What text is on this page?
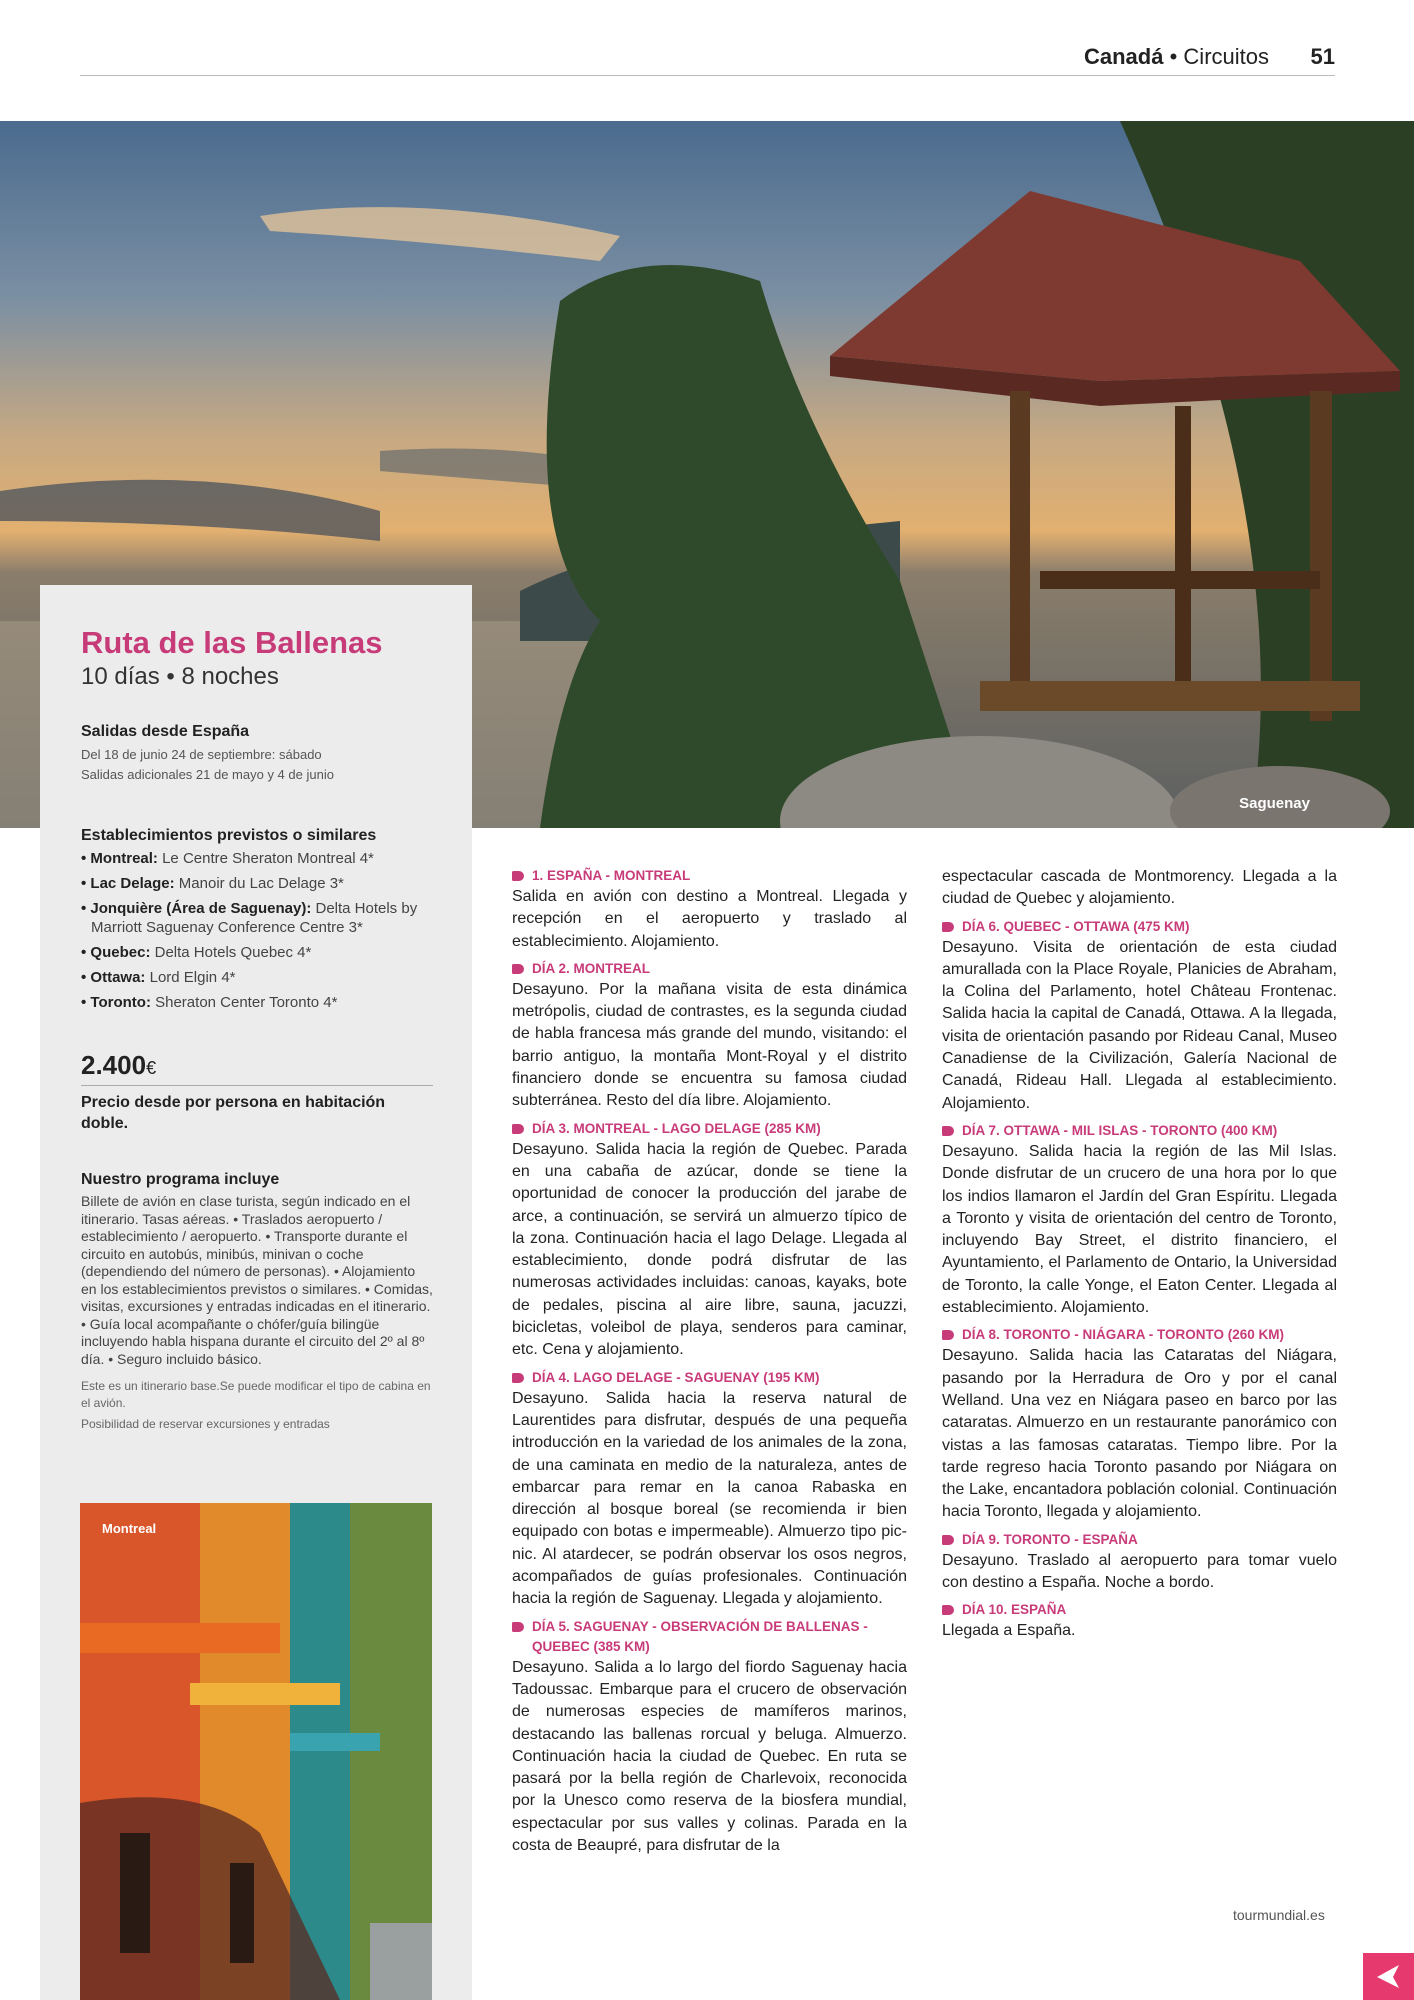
Canadá • Circuitos 51
Saguenay
Ruta de las Ballenas
10 días • 8 noches
Salidas desde España
Del 18 de junio 24 de septiembre: sábado
Salidas adicionales 21 de mayo y 4 de junio
Establecimientos previstos o similares
• Montreal: Le Centre Sheraton Montreal 4*
• Lac Delage: Manoir du Lac Delage 3*
• Jonquière (Área de Saguenay): Delta Hotels by Marriott Saguenay Conference Centre 3*
• Quebec: Delta Hotels Quebec 4*
• Ottawa: Lord Elgin 4*
• Toronto: Sheraton Center Toronto 4*
2.400€
Precio desde por persona en habitación doble.
Nuestro programa incluye
Billete de avión en clase turista, según indicado en el itinerario. Tasas aéreas. • Traslados aeropuerto / establecimiento / aeropuerto. • Transporte durante el circuito en autobús, minibús, minivan o coche (dependiendo del número de personas). • Alojamiento en los establecimientos previstos o similares. • Comidas, visitas, excursiones y entradas indicadas en el itinerario. • Guía local acompañante o chófer/guía bilingüe incluyendo habla hispana durante el circuito del 2º al 8º día. • Seguro incluido básico.
Este es un itinerario base.Se puede modificar el tipo de cabina en el avión.
Posibilidad de reservar excursiones y entradas
Montreal
1. ESPAÑA - MONTREAL

Salida en avión con destino a Montreal. Llegada y recepción en el aeropuerto y traslado al establecimiento. Alojamiento.

DÍA 2. MONTREAL

Desayuno. Por la mañana visita de esta dinámica metrópolis, ciudad de contrastes, es la segunda ciudad de habla francesa más grande del mundo, visitando: el barrio antiguo, la montaña Mont-Royal y el distrito financiero donde se encuentra su famosa ciudad subterránea. Resto del día libre. Alojamiento.

DÍA 3. MONTREAL - LAGO DELAGE (285 KM)

Desayuno. Salida hacia la región de Quebec. Parada en una cabaña de azúcar, donde se tiene la oportunidad de conocer la producción del jarabe de arce, a continuación, se servirá un almuerzo típico de la zona. Continuación hacia el lago Delage. Llegada al establecimiento, donde podrá disfrutar de las numerosas actividades incluidas: canoas, kayaks, bote de pedales, piscina al aire libre, sauna, jacuzzi, bicicletas, voleibol de playa, senderos para caminar, etc. Cena y alojamiento.

DÍA 4. LAGO DELAGE - SAGUENAY (195 KM)

Desayuno. Salida hacia la reserva natural de Laurentides para disfrutar, después de una pequeña introducción en la variedad de los animales de la zona, de una caminata en medio de la naturaleza, antes de embarcar para remar en la canoa Rabaska en dirección al bosque boreal (se recomienda ir bien equipado con botas e impermeable). Almuerzo tipo pic-nic. Al atardecer, se podrán observar los osos negros, acompañados de guías profesionales. Continuación hacia la región de Saguenay. Llegada y alojamiento.

DÍA 5. SAGUENAY - OBSERVACIÓN DE BALLENAS - QUEBEC (385 KM)

Desayuno. Salida a lo largo del fiordo Saguenay hacia Tadoussac. Embarque para el crucero de observación de numerosas especies de mamíferos marinos, destacando las ballenas rorcual y beluga. Almuerzo. Continuación hacia la ciudad de Quebec. En ruta se pasará por la bella región de Charlevoix, reconocida por la Unesco como reserva de la biosfera mundial, espectacular por sus valles y colinas. Parada en la costa de Beaupré, para disfrutar de la

espectacular cascada de Montmorency. Llegada a la ciudad de Quebec y alojamiento.
DÍA 6. QUEBEC - OTTAWA (475 KM)

Desayuno. Visita de orientación de esta ciudad amurallada con la Place Royale, Planicies de Abraham, la Colina del Parlamento, hotel Château Frontenac. Salida hacia la capital de Canadá, Ottawa. A la llegada, visita de orientación pasando por Rideau Canal, Museo Canadiense de la Civilización, Galería Nacional de Canadá, Rideau Hall. Llegada al establecimiento. Alojamiento.

DÍA 7. OTTAWA - MIL ISLAS - TORONTO (400 KM)

Desayuno. Salida hacia la región de las Mil Islas. Donde disfrutar de un crucero de una hora por lo que los indios llamaron el Jardín del Gran Espíritu. Llegada a Toronto y visita de orientación del centro de Toronto, incluyendo Bay Street, el distrito financiero, el Ayuntamiento, el Parlamento de Ontario, la Universidad de Toronto, la calle Yonge, el Eaton Center. Llegada al establecimiento. Alojamiento.

DÍA 8. TORONTO - NIÁGARA - TORONTO (260 KM)

Desayuno. Salida hacia las Cataratas del Niágara, pasando por la Herradura de Oro y por el canal Welland. Una vez en Niágara paseo en barco por las cataratas. Almuerzo en un restaurante panorámico con vistas a las famosas cataratas. Tiempo libre. Por la tarde regreso hacia Toronto pasando por Niágara on the Lake, encantadora población colonial. Continuación hacia Toronto, llegada y alojamiento.

DÍA 9. TORONTO - ESPAÑA

Desayuno. Traslado al aeropuerto para tomar vuelo con destino a España. Noche a bordo.

DÍA 10. ESPAÑA

Llegada a España.

tourmundial.es
